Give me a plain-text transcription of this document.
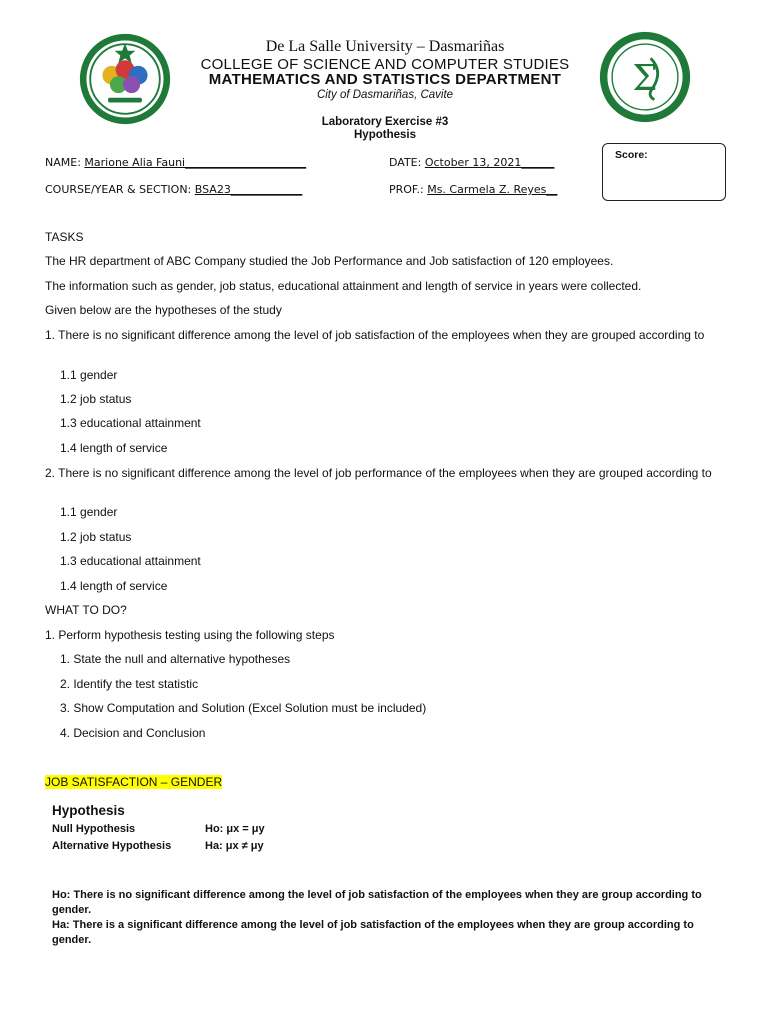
Σ
De La Salle University – Dasmariñas
COLLEGE OF SCIENCE AND COMPUTER STUDIES
MATHEMATICS AND STATISTICS DEPARTMENT
City of Dasmariñas, Cavite
Laboratory Exercise #3
Hypothesis
NAME: Marione Alia Fauni______________________	DATE: October 13, 2021______
COURSE/YEAR & SECTION: BSA23_____________	PROF.: Ms. Carmela Z. Reyes__
Score:
TASKS
The HR department of ABC Company studied the Job Performance and Job satisfaction of 120 employees.
The information such as gender, job status, educational attainment and length of service in years were collected.
Given below are the hypotheses of the study
1. There is no significant difference among the level of job satisfaction of the employees when they are grouped according to
1.1 gender
1.2 job status
1.3 educational attainment
1.4 length of service
2. There is no significant difference among the level of job performance of the employees when they are grouped according to
1.1 gender
1.2 job status
1.3 educational attainment
1.4 length of service
WHAT TO DO?
1. Perform hypothesis testing using the following steps
1. State the null and alternative hypotheses
2. Identify the test statistic
3. Show Computation and Solution (Excel Solution must be included)
4. Decision and Conclusion
JOB SATISFACTION – GENDER
Hypothesis
Null Hypothesis	Ho: μx = μy
Alternative Hypothesis	Ha: μx ≠ μy
Ho: There is no significant difference among the level of job satisfaction of the employees when they are group according to gender.
Ha: There is a significant difference among the level of job satisfaction of the employees when they are group according to gender.
